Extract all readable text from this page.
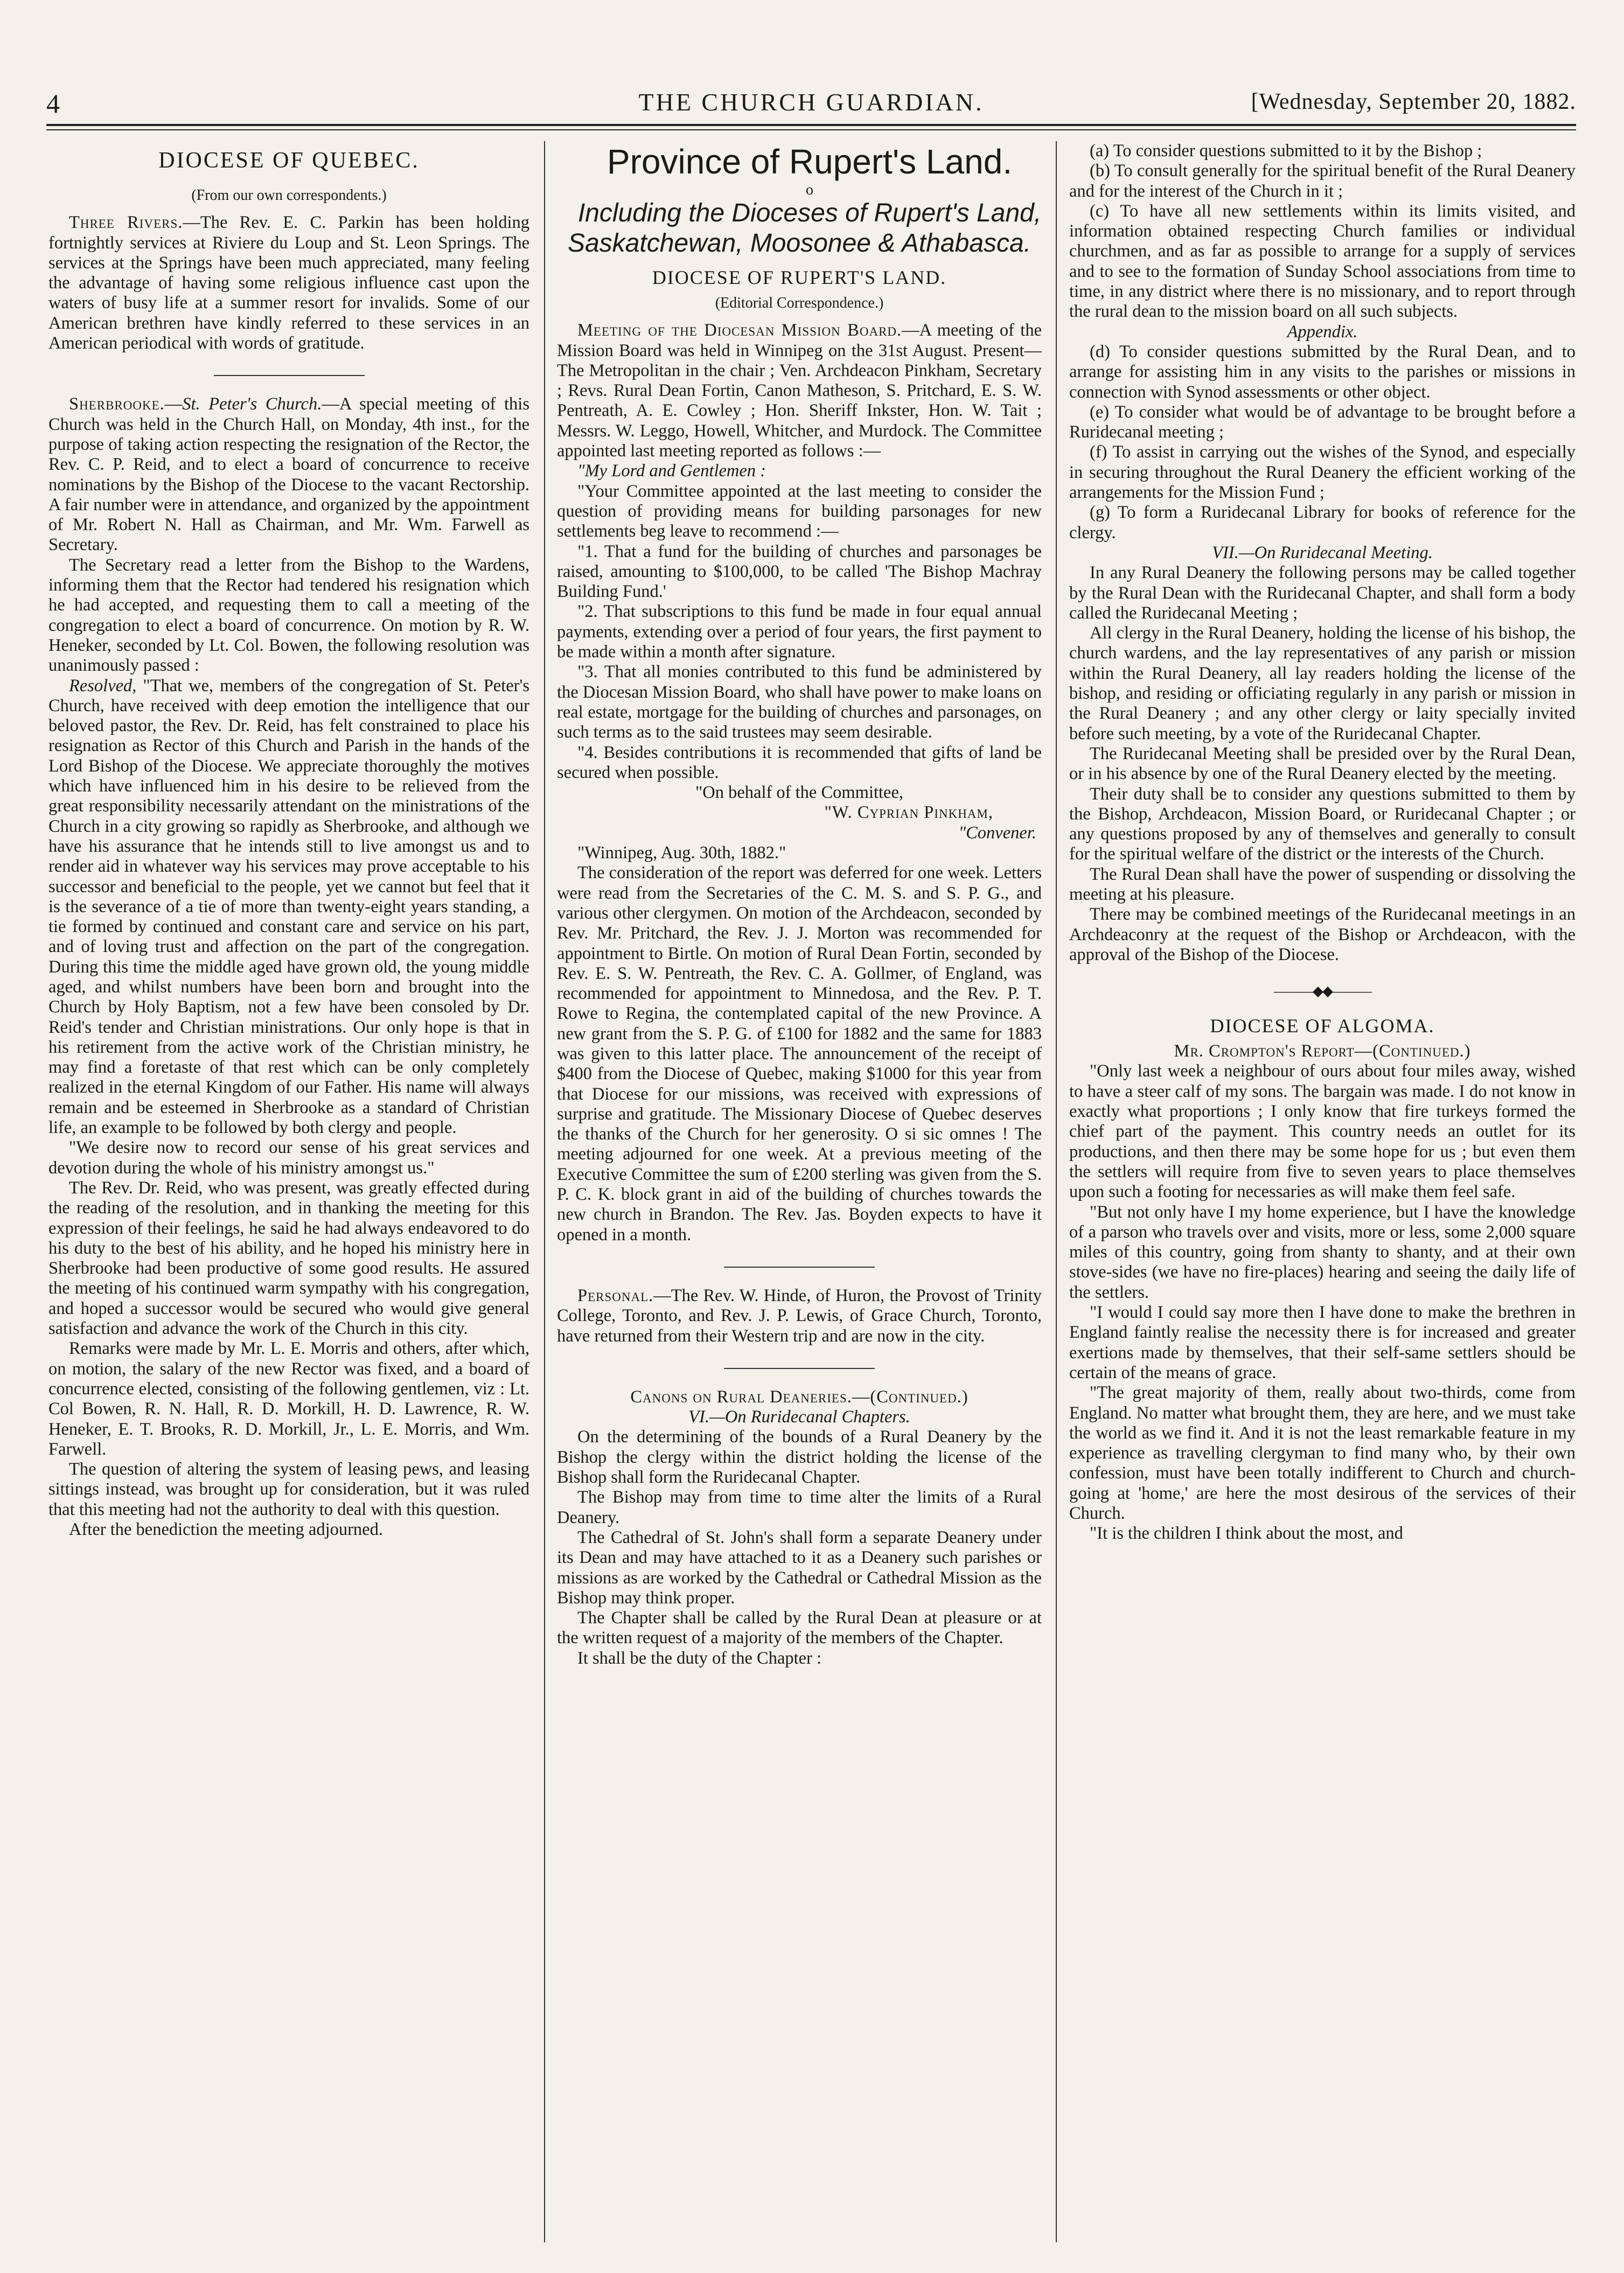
4	THE CHURCH GUARDIAN.	[Wednesday, September 20, 1882.
DIOCESE OF QUEBEC.

(From our own correspondents.)

Three Rivers.—The Rev. E. C. Parkin has been holding fortnightly services at Riviere du Loup and St. Leon Springs. The services at the Springs have been much appreciated, many feeling the advantage of having some religious influence cast upon the waters of busy life at a summer resort for invalids. Some of our American brethren have kindly referred to these services in an American periodical with words of gratitude.

Sherbrooke.—St. Peter's Church.—A special meeting of this Church was held in the Church Hall, on Monday, 4th inst., for the purpose of taking action respecting the resignation of the Rector, the Rev. C. P. Reid, and to elect a board of concurrence to receive nominations by the Bishop of the Diocese to the vacant Rectorship. A fair number were in attendance, and organized by the appointment of Mr. Robert N. Hall as Chairman, and Mr. Wm. Farwell as Secretary.

The Secretary read a letter from the Bishop to the Wardens, informing them that the Rector had tendered his resignation which he had accepted, and requesting them to call a meeting of the congregation to elect a board of concurrence. On motion by R. W. Heneker, seconded by Lt. Col. Bowen, the following resolution was unanimously passed :

Resolved, "That we, members of the congregation of St. Peter's Church, have received with deep emotion the intelligence that our beloved pastor, the Rev. Dr. Reid, has felt constrained to place his resignation as Rector of this Church and Parish in the hands of the Lord Bishop of the Diocese. We appreciate thoroughly the motives which have influenced him in his desire to be relieved from the great responsibility necessarily attendant on the ministrations of the Church in a city growing so rapidly as Sherbrooke, and although we have his assurance that he intends still to live amongst us and to render aid in whatever way his services may prove acceptable to his successor and beneficial to the people, yet we cannot but feel that it is the severance of a tie of more than twenty-eight years standing, a tie formed by continued and constant care and service on his part, and of loving trust and affection on the part of the congregation. During this time the middle aged have grown old, the young middle aged, and whilst numbers have been born and brought into the Church by Holy Baptism, not a few have been consoled by Dr. Reid's tender and Christian ministrations. Our only hope is that in his retirement from the active work of the Christian ministry, he may find a foretaste of that rest which can be only completely realized in the eternal Kingdom of our Father. His name will always remain and be esteemed in Sherbrooke as a standard of Christian life, an example to be followed by both clergy and people.

"We desire now to record our sense of his great services and devotion during the whole of his ministry amongst us."

The Rev. Dr. Reid, who was present, was greatly effected during the reading of the resolution, and in thanking the meeting for this expression of their feelings, he said he had always endeavored to do his duty to the best of his ability, and he hoped his ministry here in Sherbrooke had been productive of some good results. He assured the meeting of his continued warm sympathy with his congregation, and hoped a successor would be secured who would give general satisfaction and advance the work of the Church in this city.

Remarks were made by Mr. L. E. Morris and others, after which, on motion, the salary of the new Rector was fixed, and a board of concurrence elected, consisting of the following gentlemen, viz : Lt. Col Bowen, R. N. Hall, R. D. Morkill, H. D. Lawrence, R. W. Heneker, E. T. Brooks, R. D. Morkill, Jr., L. E. Morris, and Wm. Farwell.

The question of altering the system of leasing pews, and leasing sittings instead, was brought up for consideration, but it was ruled that this meeting had not the authority to deal with this question.

After the benediction the meeting adjourned.

Province of Rupert's Land.

o

Including the Dioceses of Rupert's Land, Saskatchewan, Moosonee & Athabasca.

DIOCESE OF RUPERT'S LAND.

(Editorial Correspondence.)

Meeting of the Diocesan Mission Board.—A meeting of the Mission Board was held in Winnipeg on the 31st August. Present—The Metropolitan in the chair ; Ven. Archdeacon Pinkham, Secretary ; Revs. Rural Dean Fortin, Canon Matheson, S. Pritchard, E. S. W. Pentreath, A. E. Cowley ; Hon. Sheriff Inkster, Hon. W. Tait ; Messrs. W. Leggo, Howell, Whitcher, and Murdock. The Committee appointed last meeting reported as follows :—

"My Lord and Gentlemen :

"Your Committee appointed at the last meeting to consider the question of providing means for building parsonages for new settlements beg leave to recommend :—

"1. That a fund for the building of churches and parsonages be raised, amounting to $100,000, to be called 'The Bishop Machray Building Fund.'

"2. That subscriptions to this fund be made in four equal annual payments, extending over a period of four years, the first payment to be made within a month after signature.

"3. That all monies contributed to this fund be administered by the Diocesan Mission Board, who shall have power to make loans on real estate, mortgage for the building of churches and parsonages, on such terms as to the said trustees may seem desirable.

"4. Besides contributions it is recommended that gifts of land be secured when possible.

"On behalf of the Committee,

"W. Cyprian Pinkham,

"Convener.

"Winnipeg, Aug. 30th, 1882."

The consideration of the report was deferred for one week. Letters were read from the Secretaries of the C. M. S. and S. P. G., and various other clergymen. On motion of the Archdeacon, seconded by Rev. Mr. Pritchard, the Rev. J. J. Morton was recommended for appointment to Birtle. On motion of Rural Dean Fortin, seconded by Rev. E. S. W. Pentreath, the Rev. C. A. Gollmer, of England, was recommended for appointment to Minnedosa, and the Rev. P. T. Rowe to Regina, the contemplated capital of the new Province. A new grant from the S. P. G. of £100 for 1882 and the same for 1883 was given to this latter place. The announcement of the receipt of $400 from the Diocese of Quebec, making $1000 for this year from that Diocese for our missions, was received with expressions of surprise and gratitude. The Missionary Diocese of Quebec deserves the thanks of the Church for her generosity. O si sic omnes ! The meeting adjourned for one week. At a previous meeting of the Executive Committee the sum of £200 sterling was given from the S. P. C. K. block grant in aid of the building of churches towards the new church in Brandon. The Rev. Jas. Boyden expects to have it opened in a month.

Personal.—The Rev. W. Hinde, of Huron, the Provost of Trinity College, Toronto, and Rev. J. P. Lewis, of Grace Church, Toronto, have returned from their Western trip and are now in the city.

Canons on Rural Deaneries.—(Continued.)

VI.—On Ruridecanal Chapters.

On the determining of the bounds of a Rural Deanery by the Bishop the clergy within the district holding the license of the Bishop shall form the Ruridecanal Chapter.

The Bishop may from time to time alter the limits of a Rural Deanery.

The Cathedral of St. John's shall form a separate Deanery under its Dean and may have attached to it as a Deanery such parishes or missions as are worked by the Cathedral or Cathedral Mission as the Bishop may think proper.

The Chapter shall be called by the Rural Dean at pleasure or at the written request of a majority of the members of the Chapter.

It shall be the duty of the Chapter :

(a) To consider questions submitted to it by the Bishop ;

(b) To consult generally for the spiritual benefit of the Rural Deanery and for the interest of the Church in it ;

(c) To have all new settlements within its limits visited, and information obtained respecting Church families or individual churchmen, and as far as possible to arrange for a supply of services and to see to the formation of Sunday School associations from time to time, in any district where there is no missionary, and to report through the rural dean to the mission board on all such subjects.

Appendix.

(d) To consider questions submitted by the Rural Dean, and to arrange for assisting him in any visits to the parishes or missions in connection with Synod assessments or other object.

(e) To consider what would be of advantage to be brought before a Ruridecanal meeting ;

(f) To assist in carrying out the wishes of the Synod, and especially in securing throughout the Rural Deanery the efficient working of the arrangements for the Mission Fund ;

(g) To form a Ruridecanal Library for books of reference for the clergy.

VII.—On Ruridecanal Meeting.

In any Rural Deanery the following persons may be called together by the Rural Dean with the Ruridecanal Chapter, and shall form a body called the Ruridecanal Meeting ;

All clergy in the Rural Deanery, holding the license of his bishop, the church wardens, and the lay representatives of any parish or mission within the Rural Deanery, all lay readers holding the license of the bishop, and residing or officiating regularly in any parish or mission in the Rural Deanery ; and any other clergy or laity specially invited before such meeting, by a vote of the Ruridecanal Chapter.

The Ruridecanal Meeting shall be presided over by the Rural Dean, or in his absence by one of the Rural Deanery elected by the meeting.

Their duty shall be to consider any questions submitted to them by the Bishop, Archdeacon, Mission Board, or Ruridecanal Chapter ; or any questions proposed by any of themselves and generally to consult for the spiritual welfare of the district or the interests of the Church.

The Rural Dean shall have the power of suspending or dissolving the meeting at his pleasure.

There may be combined meetings of the Ruridecanal meetings in an Archdeaconry at the request of the Bishop or Archdeacon, with the approval of the Bishop of the Diocese.

———◆◆———
DIOCESE OF ALGOMA.

Mr. Crompton's Report—(Continued.)

"Only last week a neighbour of ours about four miles away, wished to have a steer calf of my sons. The bargain was made. I do not know in exactly what proportions ; I only know that fire turkeys formed the chief part of the payment. This country needs an outlet for its productions, and then there may be some hope for us ; but even them the settlers will require from five to seven years to place themselves upon such a footing for necessaries as will make them feel safe.

"But not only have I my home experience, but I have the knowledge of a parson who travels over and visits, more or less, some 2,000 square miles of this country, going from shanty to shanty, and at their own stove-sides (we have no fire-places) hearing and seeing the daily life of the settlers.

"I would I could say more then I have done to make the brethren in England faintly realise the necessity there is for increased and greater exertions made by themselves, that their self-same settlers should be certain of the means of grace.

"The great majority of them, really about two-thirds, come from England. No matter what brought them, they are here, and we must take the world as we find it. And it is not the least remarkable feature in my experience as travelling clergyman to find many who, by their own confession, must have been totally indifferent to Church and church-going at 'home,' are here the most desirous of the services of their Church.

"It is the children I think about the most, and
